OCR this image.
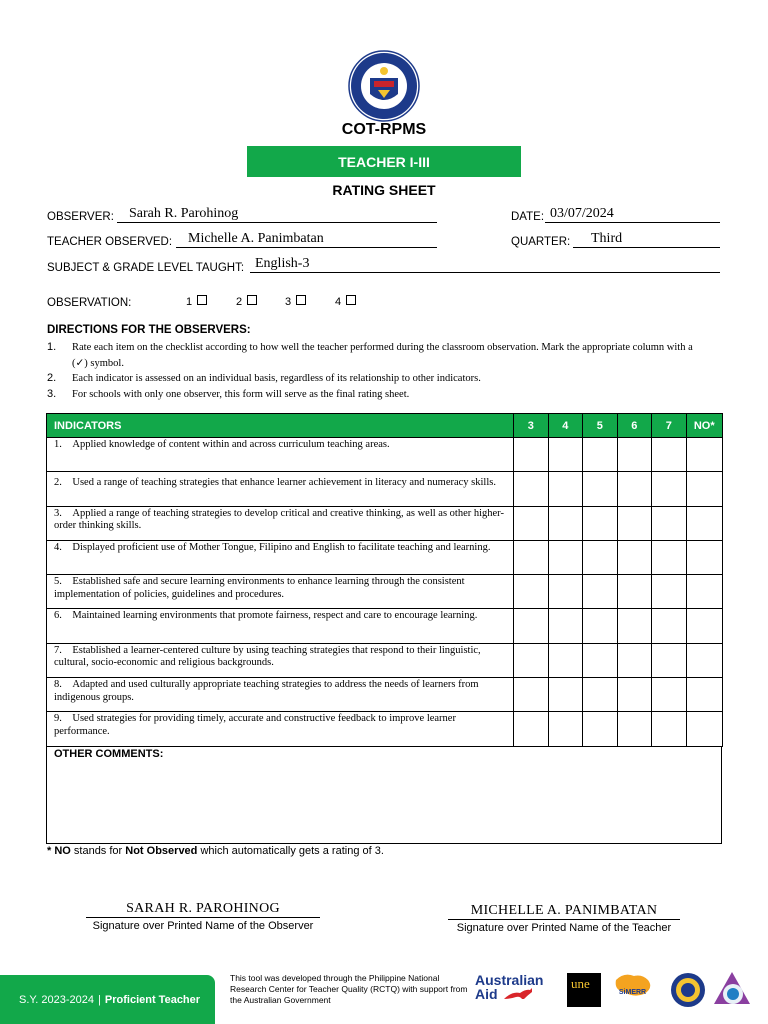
COT-RPMS
TEACHER I-III
RATING SHEET
OBSERVER:	Sarah R. Parohinog	DATE: 03/07/2024
TEACHER OBSERVED:	Michelle A. Panimbatan	QUARTER:	Third
SUBJECT & GRADE LEVEL TAUGHT: English-3
OBSERVATION:	1	2	3	4
DIRECTIONS FOR THE OBSERVERS:
1. Rate each item on the checklist according to how well the teacher performed during the classroom observation. Mark the appropriate column with a (✓) symbol.
2. Each indicator is assessed on an individual basis, regardless of its relationship to other indicators.
3. For schools with only one observer, this form will serve as the final rating sheet.
INDICATORS	3	4	5	6	7	NO*
1.    Applied knowledge of content within and across curriculum teaching areas.						
2.    Used a range of teaching strategies that enhance learner achievement in literacy and numeracy skills.						
3.    Applied a range of teaching strategies to develop critical and creative thinking, as well as other higher-order thinking skills.						
4.    Displayed proficient use of Mother Tongue, Filipino and English to facilitate teaching and learning.						
5.    Established safe and secure learning environments to enhance learning through the consistent implementation of policies, guidelines and procedures.						
6.    Maintained learning environments that promote fairness, respect and care to encourage learning.						
7.    Established a learner-centered culture by using teaching strategies that respond to their linguistic, cultural, socio-economic and religious backgrounds.						
8.    Adapted and used culturally appropriate teaching strategies to address the needs of learners from indigenous groups.						
9.    Used strategies for providing timely, accurate and constructive feedback to improve learner performance.						
OTHER COMMENTS:
* NO stands for Not Observed which automatically gets a rating of 3.
SARAH R. PAROHINOG
Signature over Printed Name of the Observer
MICHELLE A. PANIMBATAN
Signature over Printed Name of the Teacher
S.Y. 2023-2024 | Proficient Teacher
This tool was developed through the Philippine National Research Center for Teacher Quality (RCTQ) with support from the Australian Government
Australian
Aid
une
SiMERR
